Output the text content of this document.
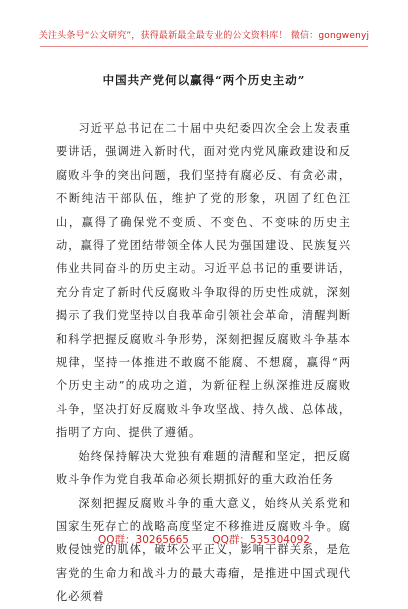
关注头条号“公文研究”，获得最新最全最专业的公文资料库！ 微信：gongwenyj
中国共产党何以赢得“两个历史主动”

习近平总书记在二十届中央纪委四次全会上发表重要讲话，强调进入新时代，面对党内党风廉政建设和反腐败斗争的突出问题，我们坚持有腐必反、有贪必肃，不断纯洁干部队伍，维护了党的形象，巩固了红色江山，赢得了确保党不变质、不变色、不变味的历史主动，赢得了党团结带领全体人民为强国建设、民族复兴伟业共同奋斗的历史主动。习近平总书记的重要讲话，充分肯定了新时代反腐败斗争取得的历史性成就，深刻揭示了我们党坚持以自我革命引领社会革命，清醒判断和科学把握反腐败斗争形势，深刻把握反腐败斗争基本规律，坚持一体推进不敢腐不能腐、不想腐，赢得“两个历史主动”的成功之道，为新征程上纵深推进反腐败斗争，坚决打好反腐败斗争攻坚战、持久战、总体战，指明了方向、提供了遵循。

始终保持解决大党独有难题的清醒和坚定，把反腐败斗争作为党自我革命必须长期抓好的重大政治任务

深刻把握反腐败斗争的重大意义，始终从关系党和国家生死存亡的战略高度坚定不移推进反腐败斗争。腐败侵蚀党的肌体，破坏公平正义，影响干群关系，是危害党的生命力和战斗力的最大毒瘤，是推进中国式现代化必须着

QQ群：30265665 QQ群：535304092
